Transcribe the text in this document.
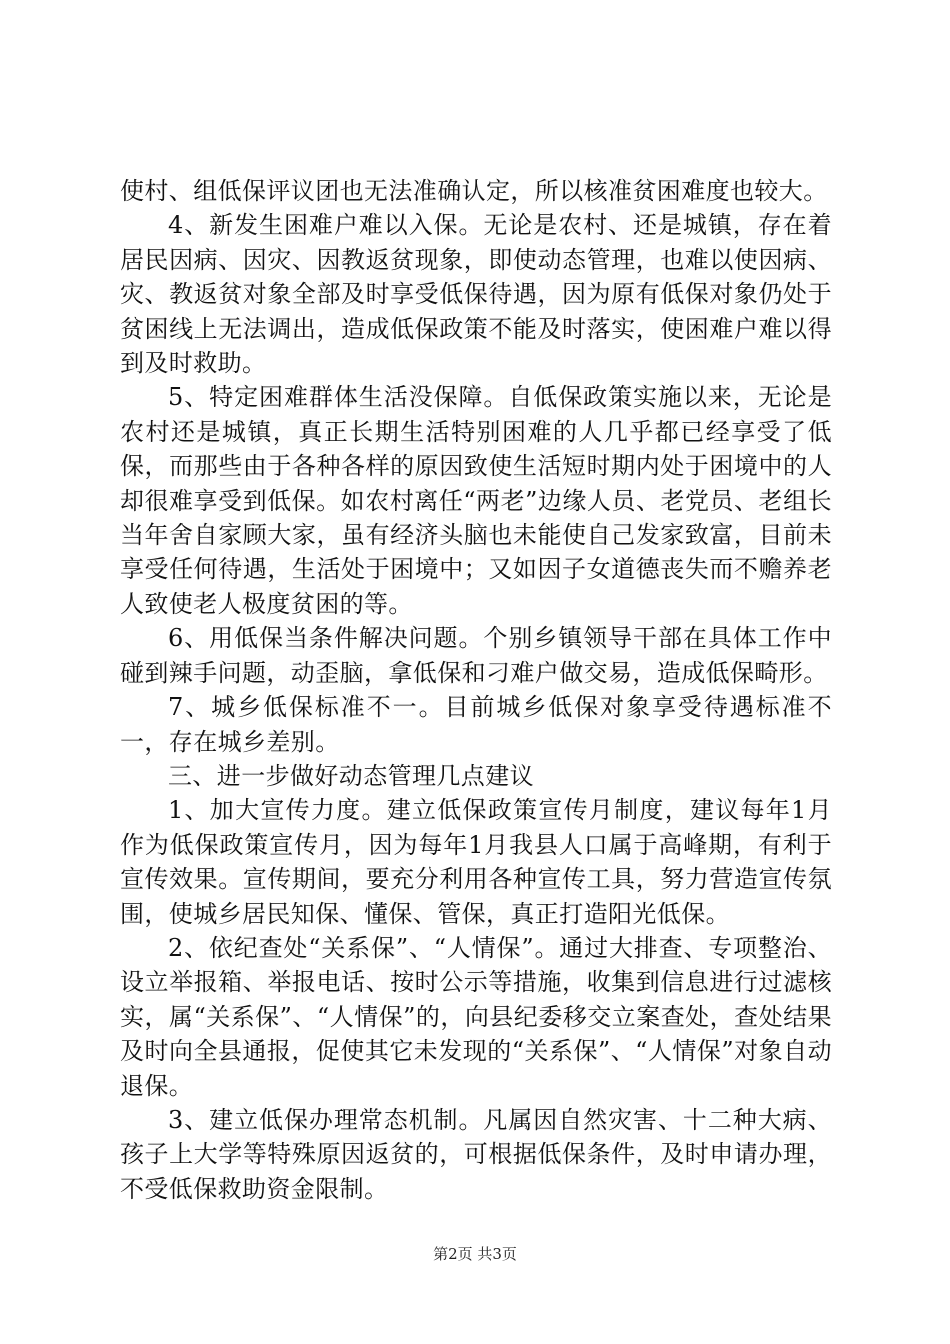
使村、组低保评议团也无法准确认定，所以核准贫困难度也较大。

4、新发生困难户难以入保。无论是农村、还是城镇，存在着居民因病、因灾、因教返贫现象，即使动态管理，也难以使因病、灾、教返贫对象全部及时享受低保待遇，因为原有低保对象仍处于贫困线上无法调出，造成低保政策不能及时落实，使困难户难以得到及时救助。

5、特定困难群体生活没保障。自低保政策实施以来，无论是农村还是城镇，真正长期生活特别困难的人几乎都已经享受了低保，而那些由于各种各样的原因致使生活短时期内处于困境中的人却很难享受到低保。如农村离任“两老”边缘人员、老党员、老组长当年舍自家顾大家，虽有经济头脑也未能使自己发家致富，目前未享受任何待遇，生活处于困境中；又如因子女道德丧失而不赡养老人致使老人极度贫困的等。

6、用低保当条件解决问题。个别乡镇领导干部在具体工作中碰到辣手问题，动歪脑，拿低保和刁难户做交易，造成低保畸形。

7、城乡低保标准不一。目前城乡低保对象享受待遇标准不一，存在城乡差别。

三、进一步做好动态管理几点建议

1、加大宣传力度。建立低保政策宣传月制度，建议每年1月作为低保政策宣传月，因为每年1月我县人口属于高峰期，有利于宣传效果。宣传期间，要充分利用各种宣传工具，努力营造宣传氛围，使城乡居民知保、懂保、管保，真正打造阳光低保。

2、依纪查处“关系保”、“人情保”。通过大排查、专项整治、设立举报箱、举报电话、按时公示等措施，收集到信息进行过滤核实，属“关系保”、“人情保”的，向县纪委移交立案查处，查处结果及时向全县通报，促使其它未发现的“关系保”、“人情保”对象自动退保。

3、建立低保办理常态机制。凡属因自然灾害、十二种大病、孩子上大学等特殊原因返贫的，可根据低保条件，及时申请办理，不受低保救助资金限制。

第2页 共3页
